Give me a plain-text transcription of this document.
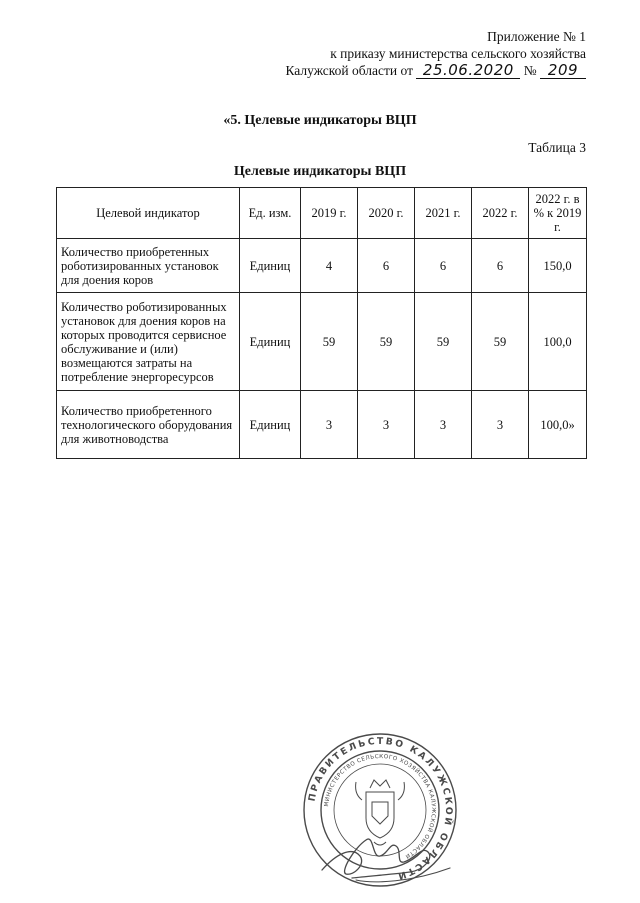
Приложение № 1
к приказу министерства сельского хозяйства
Калужской области от 25.06.2020 № 209
«5. Целевые индикаторы ВЦП
Таблица 3
Целевые индикаторы ВЦП
Целевой индикатор	Ед. изм.	2019 г.	2020 г.	2021 г.	2022 г.	2022 г. в % к 2019 г.
Количество приобретенных роботизированных установок для доения коров	Единиц	4	6	6	6	150,0
Количество роботизированных установок для доения коров на которых проводится сервисное обслуживание и (или) возмещаются затраты на потребление энергоресурсов	Единиц	59	59	59	59	100,0
Количество приобретенного технологического оборудования для животноводства	Единиц	3	3	3	3	100,0»
ПРАВИТЕЛЬСТВО КАЛУЖСКОЙ ОБЛАСТИ
МИНИСТЕРСТВО СЕЛЬСКОГО ХОЗЯЙСТВА КАЛУЖСКОЙ ОБЛАСТИ
